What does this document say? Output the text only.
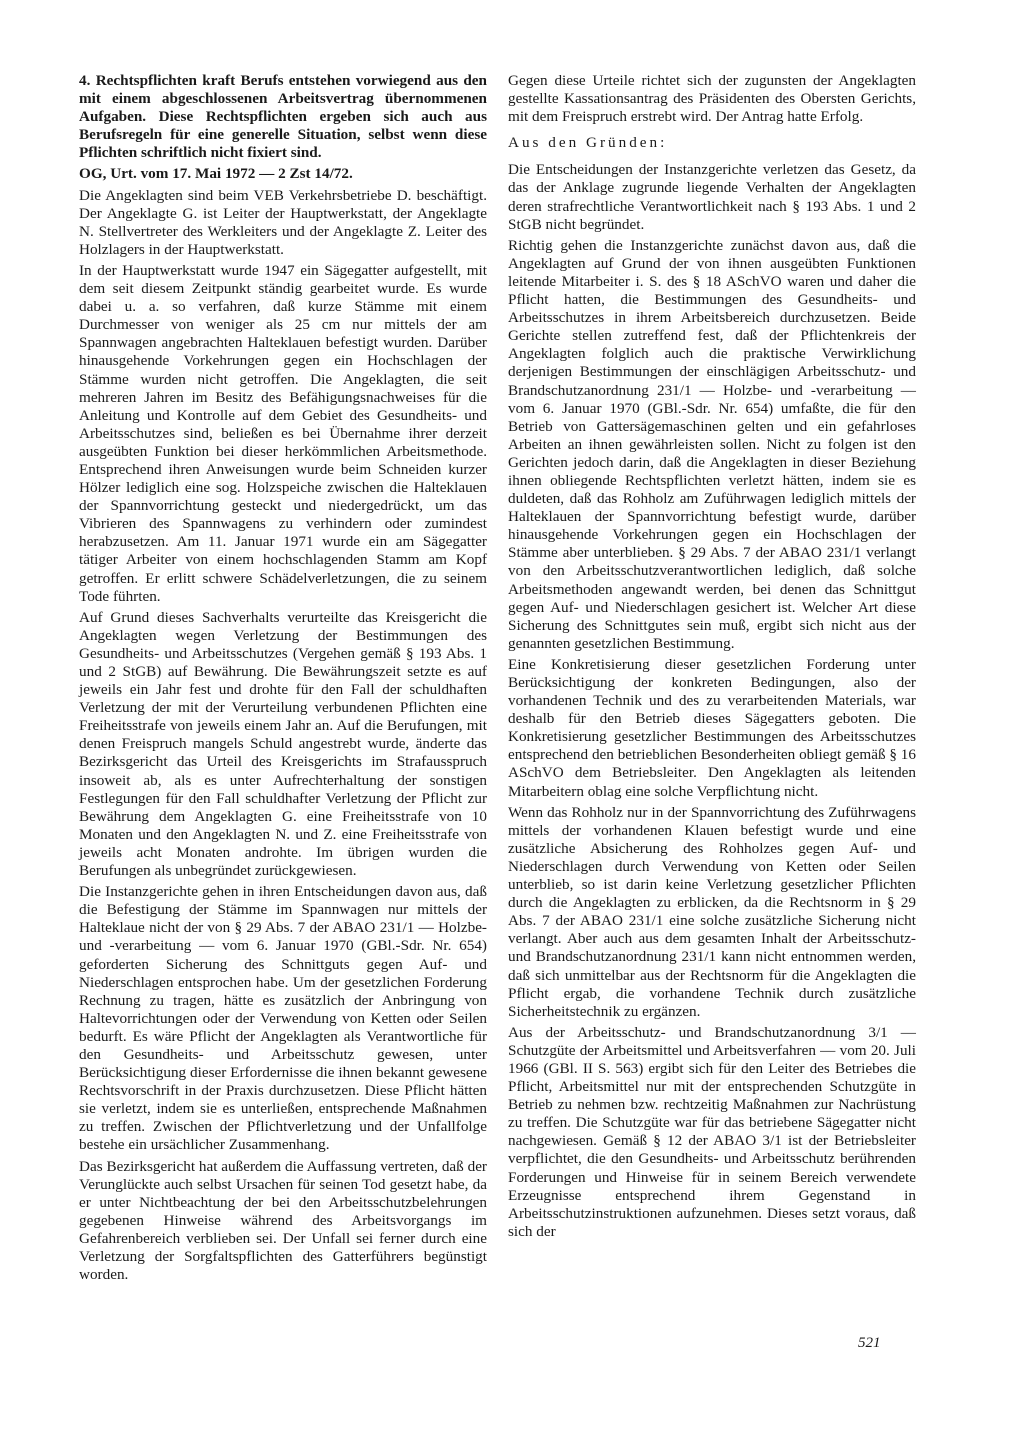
4. Rechtspflichten kraft Berufs entstehen vorwiegend aus den mit einem abgeschlossenen Arbeitsvertrag übernommenen Aufgaben. Diese Rechtspflichten ergeben sich auch aus Berufsregeln für eine generelle Situation, selbst wenn diese Pflichten schriftlich nicht fixiert sind.

OG, Urt. vom 17. Mai 1972 — 2 Zst 14/72.

Die Angeklagten sind beim VEB Verkehrsbetriebe D. beschäftigt. Der Angeklagte G. ist Leiter der Hauptwerkstatt, der Angeklagte N. Stellvertreter des Werkleiters und der Angeklagte Z. Leiter des Holzlagers in der Hauptwerkstatt.

In der Hauptwerkstatt wurde 1947 ein Sägegatter aufgestellt, mit dem seit diesem Zeitpunkt ständig gearbeitet wurde. Es wurde dabei u. a. so verfahren, daß kurze Stämme mit einem Durchmesser von weniger als 25 cm nur mittels der am Spannwagen angebrachten Halteklauen befestigt wurden. Darüber hinausgehende Vorkehrungen gegen ein Hochschlagen der Stämme wurden nicht getroffen. Die Angeklagten, die seit mehreren Jahren im Besitz des Befähigungsnachweises für die Anleitung und Kontrolle auf dem Gebiet des Gesundheits- und Arbeitsschutzes sind, beließen es bei Übernahme ihrer derzeit ausgeübten Funktion bei dieser herkömmlichen Arbeitsmethode. Entsprechend ihren Anweisungen wurde beim Schneiden kurzer Hölzer lediglich eine sog. Holzspeiche zwischen die Halteklauen der Spannvorrichtung gesteckt und niedergedrückt, um das Vibrieren des Spannwagens zu verhindern oder zumindest herabzusetzen. Am 11. Januar 1971 wurde ein am Sägegatter tätiger Arbeiter von einem hochschlagenden Stamm am Kopf getroffen. Er erlitt schwere Schädelverletzungen, die zu seinem Tode führten.

Auf Grund dieses Sachverhalts verurteilte das Kreisgericht die Angeklagten wegen Verletzung der Bestimmungen des Gesundheits- und Arbeitsschutzes (Vergehen gemäß § 193 Abs. 1 und 2 StGB) auf Bewährung. Die Bewährungszeit setzte es auf jeweils ein Jahr fest und drohte für den Fall der schuldhaften Verletzung der mit der Verurteilung verbundenen Pflichten eine Freiheitsstrafe von jeweils einem Jahr an. Auf die Berufungen, mit denen Freispruch mangels Schuld angestrebt wurde, änderte das Bezirksgericht das Urteil des Kreisgerichts im Strafausspruch insoweit ab, als es unter Aufrechterhaltung der sonstigen Festlegungen für den Fall schuldhafter Verletzung der Pflicht zur Bewährung dem Angeklagten G. eine Freiheitsstrafe von 10 Monaten und den Angeklagten N. und Z. eine Freiheitsstrafe von jeweils acht Monaten androhte. Im übrigen wurden die Berufungen als unbegründet zurückgewiesen.

Die Instanzgerichte gehen in ihren Entscheidungen davon aus, daß die Befestigung der Stämme im Spannwagen nur mittels der Halteklaue nicht der von § 29 Abs. 7 der ABAO 231/1 — Holzbe- und -verarbeitung — vom 6. Januar 1970 (GBl.-Sdr. Nr. 654) geforderten Sicherung des Schnittguts gegen Auf- und Niederschlagen entsprochen habe. Um der gesetzlichen Forderung Rechnung zu tragen, hätte es zusätzlich der Anbringung von Haltevorrichtungen oder der Verwendung von Ketten oder Seilen bedurft. Es wäre Pflicht der Angeklagten als Verantwortliche für den Gesundheits- und Arbeitsschutz gewesen, unter Berücksichtigung dieser Erfordernisse die ihnen bekannt gewesene Rechtsvorschrift in der Praxis durchzusetzen. Diese Pflicht hätten sie verletzt, indem sie es unterließen, entsprechende Maßnahmen zu treffen. Zwischen der Pflichtverletzung und der Unfallfolge bestehe ein ursächlicher Zusammenhang.

Das Bezirksgericht hat außerdem die Auffassung vertreten, daß der Verunglückte auch selbst Ursachen für seinen Tod gesetzt habe, da er unter Nichtbeachtung der bei den Arbeitsschutzbelehrungen gegebenen Hinweise während des Arbeitsvorgangs im Gefahrenbereich verblieben sei. Der Unfall sei ferner durch eine Verletzung der Sorgfaltspflichten des Gatterführers begünstigt worden.

Gegen diese Urteile richtet sich der zugunsten der Angeklagten gestellte Kassationsantrag des Präsidenten des Obersten Gerichts, mit dem Freispruch erstrebt wird. Der Antrag hatte Erfolg.

Aus den Gründen:

Die Entscheidungen der Instanzgerichte verletzen das Gesetz, da das der Anklage zugrunde liegende Verhalten der Angeklagten deren strafrechtliche Verantwortlichkeit nach § 193 Abs. 1 und 2 StGB nicht begründet.

Richtig gehen die Instanzgerichte zunächst davon aus, daß die Angeklagten auf Grund der von ihnen ausgeübten Funktionen leitende Mitarbeiter i. S. des § 18 ASchVO waren und daher die Pflicht hatten, die Bestimmungen des Gesundheits- und Arbeitsschutzes in ihrem Arbeitsbereich durchzusetzen. Beide Gerichte stellen zutreffend fest, daß der Pflichtenkreis der Angeklagten folglich auch die praktische Verwirklichung derjenigen Bestimmungen der einschlägigen Arbeitsschutz- und Brandschutzanordnung 231/1 — Holzbe- und -verarbeitung — vom 6. Januar 1970 (GBl.-Sdr. Nr. 654) umfaßte, die für den Betrieb von Gattersägemaschinen gelten und ein gefahrloses Arbeiten an ihnen gewährleisten sollen. Nicht zu folgen ist den Gerichten jedoch darin, daß die Angeklagten in dieser Beziehung ihnen obliegende Rechtspflichten verletzt hätten, indem sie es duldeten, daß das Rohholz am Zuführwagen lediglich mittels der Halteklauen der Spannvorrichtung befestigt wurde, darüber hinausgehende Vorkehrungen gegen ein Hochschlagen der Stämme aber unterblieben. § 29 Abs. 7 der ABAO 231/1 verlangt von den Arbeitsschutzverantwortlichen lediglich, daß solche Arbeitsmethoden angewandt werden, bei denen das Schnittgut gegen Auf- und Niederschlagen gesichert ist. Welcher Art diese Sicherung des Schnittgutes sein muß, ergibt sich nicht aus der genannten gesetzlichen Bestimmung.

Eine Konkretisierung dieser gesetzlichen Forderung unter Berücksichtigung der konkreten Bedingungen, also der vorhandenen Technik und des zu verarbeitenden Materials, war deshalb für den Betrieb dieses Sägegatters geboten. Die Konkretisierung gesetzlicher Bestimmungen des Arbeitsschutzes entsprechend den betrieblichen Besonderheiten obliegt gemäß § 16 ASchVO dem Betriebsleiter. Den Angeklagten als leitenden Mitarbeitern oblag eine solche Verpflichtung nicht.

Wenn das Rohholz nur in der Spannvorrichtung des Zuführwagens mittels der vorhandenen Klauen befestigt wurde und eine zusätzliche Absicherung des Rohholzes gegen Auf- und Niederschlagen durch Verwendung von Ketten oder Seilen unterblieb, so ist darin keine Verletzung gesetzlicher Pflichten durch die Angeklagten zu erblicken, da die Rechtsnorm in § 29 Abs. 7 der ABAO 231/1 eine solche zusätzliche Sicherung nicht verlangt. Aber auch aus dem gesamten Inhalt der Arbeitsschutz- und Brandschutzanordnung 231/1 kann nicht entnommen werden, daß sich unmittelbar aus der Rechtsnorm für die Angeklagten die Pflicht ergab, die vorhandene Technik durch zusätzliche Sicherheitstechnik zu ergänzen.

Aus der Arbeitsschutz- und Brandschutzanordnung 3/1 — Schutzgüte der Arbeitsmittel und Arbeitsverfahren — vom 20. Juli 1966 (GBl. II S. 563) ergibt sich für den Leiter des Betriebes die Pflicht, Arbeitsmittel nur mit der entsprechenden Schutzgüte in Betrieb zu nehmen bzw. rechtzeitig Maßnahmen zur Nachrüstung zu treffen. Die Schutzgüte war für das betriebene Sägegatter nicht nachgewiesen. Gemäß § 12 der ABAO 3/1 ist der Betriebsleiter verpflichtet, die den Gesundheits- und Arbeitsschutz berührenden Forderungen und Hinweise für in seinem Bereich verwendete Erzeugnisse entsprechend ihrem Gegenstand in Arbeitsschutzinstruktionen aufzunehmen. Dieses setzt voraus, daß sich der

521
